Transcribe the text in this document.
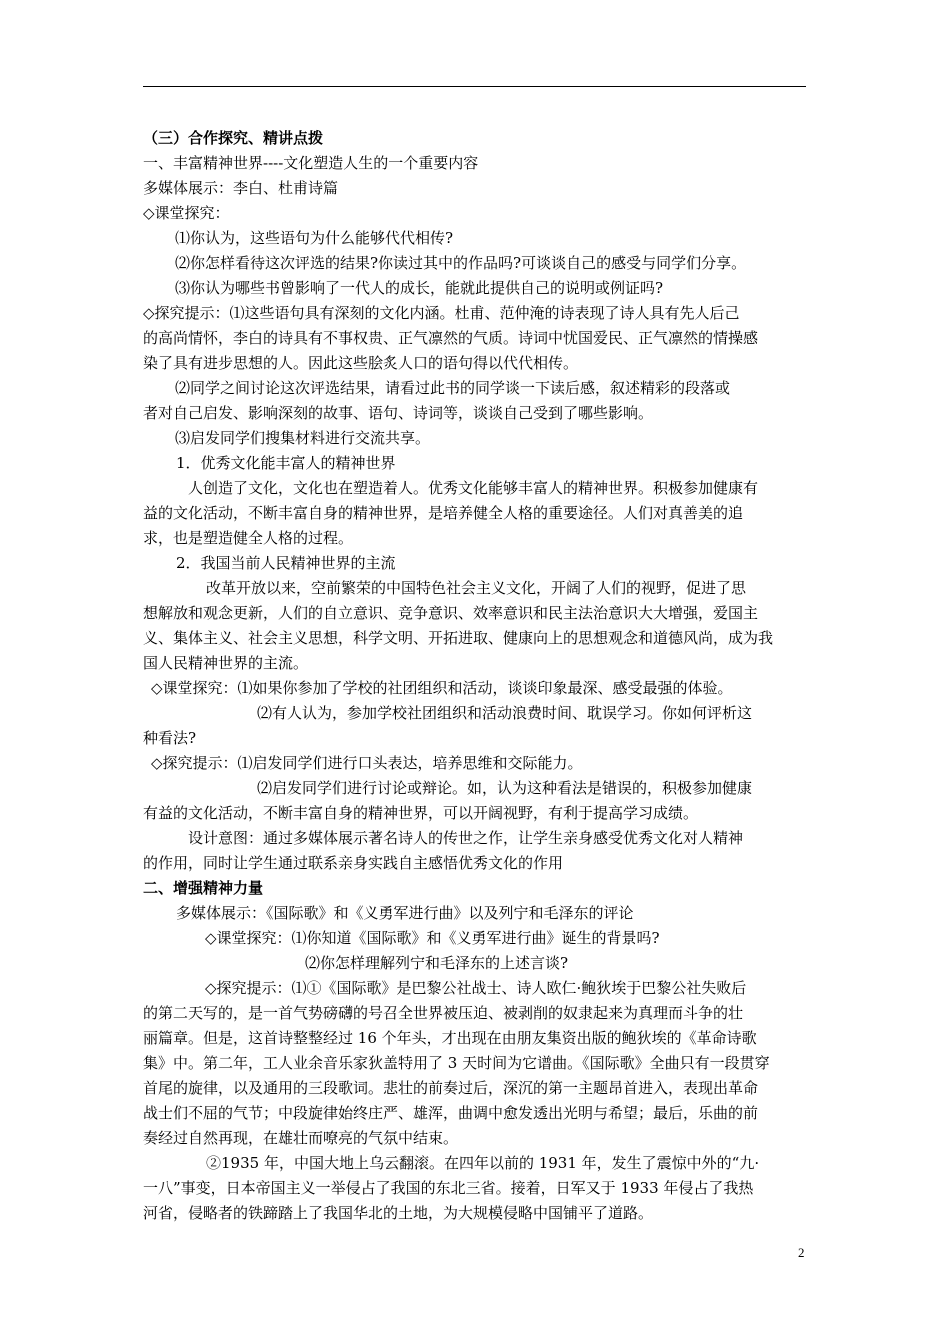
（三）合作探究、精讲点拨
一、丰富精神世界----文化塑造人生的一个重要内容
多媒体展示：李白、杜甫诗篇
◇课堂探究：
⑴你认为，这些语句为什么能够代代相传?
⑵你怎样看待这次评选的结果?你读过其中的作品吗?可谈谈自己的感受与同学们分享。
⑶你认为哪些书曾影响了一代人的成长，能就此提供自己的说明或例证吗?
◇探究提示：⑴这些语句具有深刻的文化内涵。杜甫、范仲淹的诗表现了诗人具有先人后己
的高尚情怀，李白的诗具有不事权贵、正气凛然的气质。诗词中忧国爱民、正气凛然的情操感
染了具有进步思想的人。因此这些脍炙人口的语句得以代代相传。
⑵同学之间讨论这次评选结果，请看过此书的同学谈一下读后感，叙述精彩的段落或
者对自己启发、影响深刻的故事、语句、诗词等，谈谈自己受到了哪些影响。
⑶启发同学们搜集材料进行交流共享。
1．优秀文化能丰富人的精神世界
人创造了文化，文化也在塑造着人。优秀文化能够丰富人的精神世界。积极参加健康有
益的文化活动，不断丰富自身的精神世界，是培养健全人格的重要途径。人们对真善美的追
求，也是塑造健全人格的过程。
2．我国当前人民精神世界的主流
改革开放以来，空前繁荣的中国特色社会主义文化，开阔了人们的视野，促进了思
想解放和观念更新，人们的自立意识、竞争意识、效率意识和民主法治意识大大增强，爱国主
义、集体主义、社会主义思想，科学文明、开拓进取、健康向上的思想观念和道德风尚，成为我
国人民精神世界的主流。
◇课堂探究：⑴如果你参加了学校的社团组织和活动，谈谈印象最深、感受最强的体验。
⑵有人认为，参加学校社团组织和活动浪费时间、耽误学习。你如何评析这
种看法?
◇探究提示：⑴启发同学们进行口头表达，培养思维和交际能力。
⑵启发同学们进行讨论或辩论。如，认为这种看法是错误的，积极参加健康
有益的文化活动，不断丰富自身的精神世界，可以开阔视野，有利于提高学习成绩。
设计意图：通过多媒体展示著名诗人的传世之作，让学生亲身感受优秀文化对人精神
的作用，同时让学生通过联系亲身实践自主感悟优秀文化的作用
二、增强精神力量
多媒体展示：《国际歌》和《义勇军进行曲》以及列宁和毛泽东的评论
◇课堂探究：⑴你知道《国际歌》和《义勇军进行曲》诞生的背景吗?
⑵你怎样理解列宁和毛泽东的上述言谈?
◇探究提示：⑴①《国际歌》是巴黎公社战士、诗人欧仁·鲍狄埃于巴黎公社失败后
的第二天写的，是一首气势磅礴的号召全世界被压迫、被剥削的奴隶起来为真理而斗争的壮
丽篇章。但是，这首诗整整经过 16 个年头，才出现在由朋友集资出版的鲍狄埃的《革命诗歌
集》中。第二年，工人业余音乐家狄盖特用了 3 天时间为它谱曲。《国际歌》全曲只有一段贯穿
首尾的旋律，以及通用的三段歌词。悲壮的前奏过后，深沉的第一主题昂首进入，表现出革命
战士们不屈的气节；中段旋律始终庄严、雄浑，曲调中愈发透出光明与希望；最后，乐曲的前
奏经过自然再现，在雄壮而嘹亮的气氛中结束。
②1935 年，中国大地上乌云翻滚。在四年以前的 1931 年，发生了震惊中外的“九·
一八”事变，日本帝国主义一举侵占了我国的东北三省。接着，日军又于 1933 年侵占了我热
河省，侵略者的铁蹄踏上了我国华北的土地，为大规模侵略中国铺平了道路。
2
